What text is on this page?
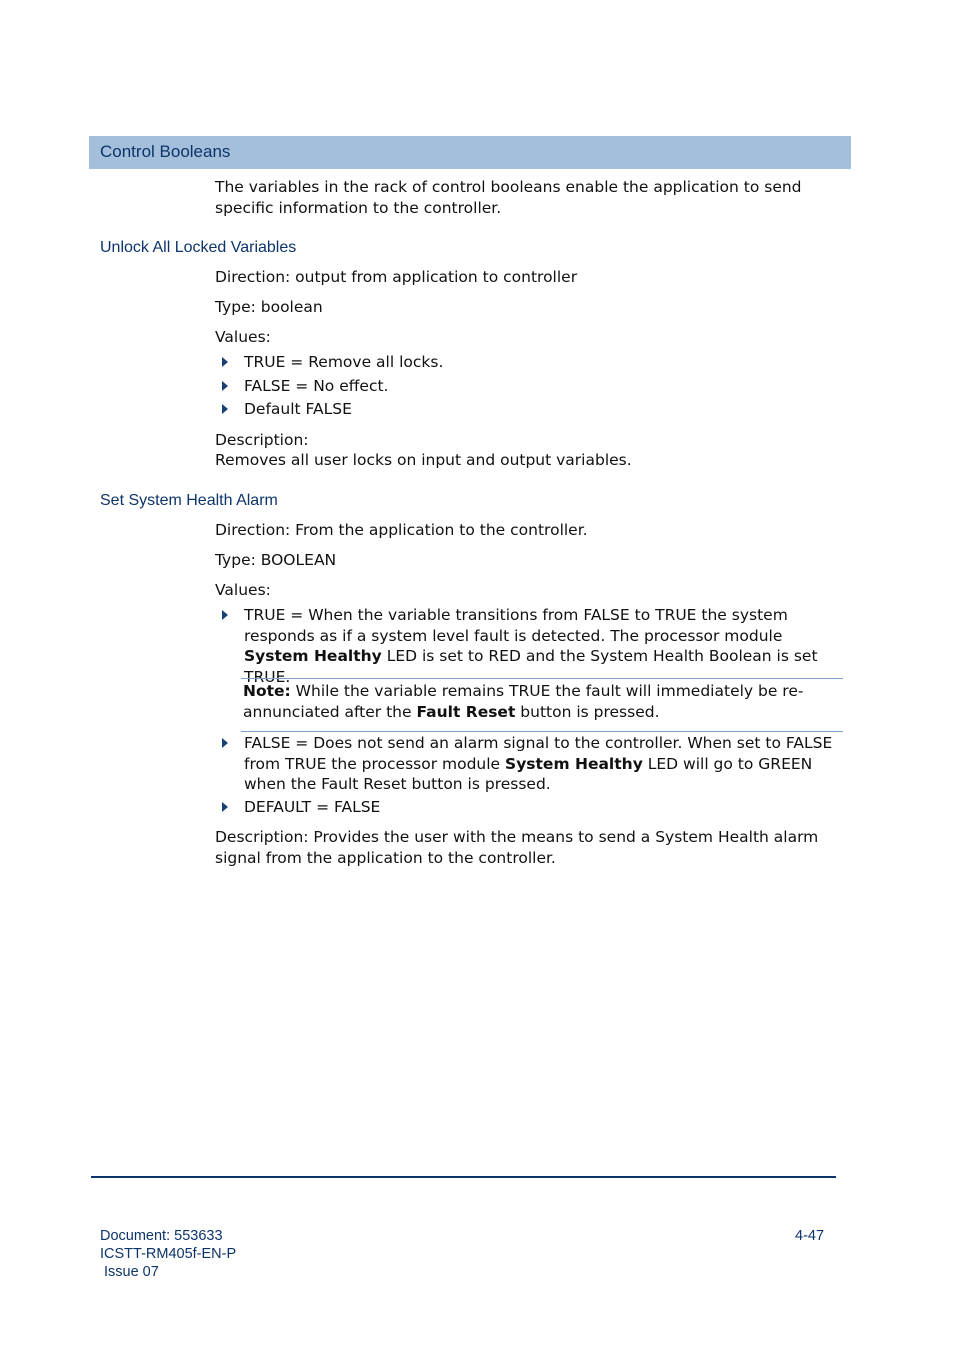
Control Booleans

The variables in the rack of control booleans enable the application to send specific information to the controller.

Unlock All Locked Variables

Direction: output from application to controller

Type: boolean

Values:

TRUE = Remove all locks.
FALSE = No effect.
Default FALSE

Description:

Removes all user locks on input and output variables.

Set System Health Alarm

Direction: From the application to the controller.

Type: BOOLEAN

Values:

TRUE = When the variable transitions from FALSE to TRUE the system responds as if a system level fault is detected. The processor module System Healthy LED is set to RED and the System Health Boolean is set TRUE.
Note: While the variable remains TRUE the fault will immediately be re-annunciated after the Fault Reset button is pressed.
FALSE = Does not send an alarm signal to the controller. When set to FALSE from TRUE the processor module System Healthy LED will go to GREEN when the Fault Reset button is pressed.
DEFAULT = FALSE

Description: Provides the user with the means to send a System Health alarm signal from the application to the controller.

Document: 553633
ICSTT-RM405f-EN-P
Issue 07
4-47
